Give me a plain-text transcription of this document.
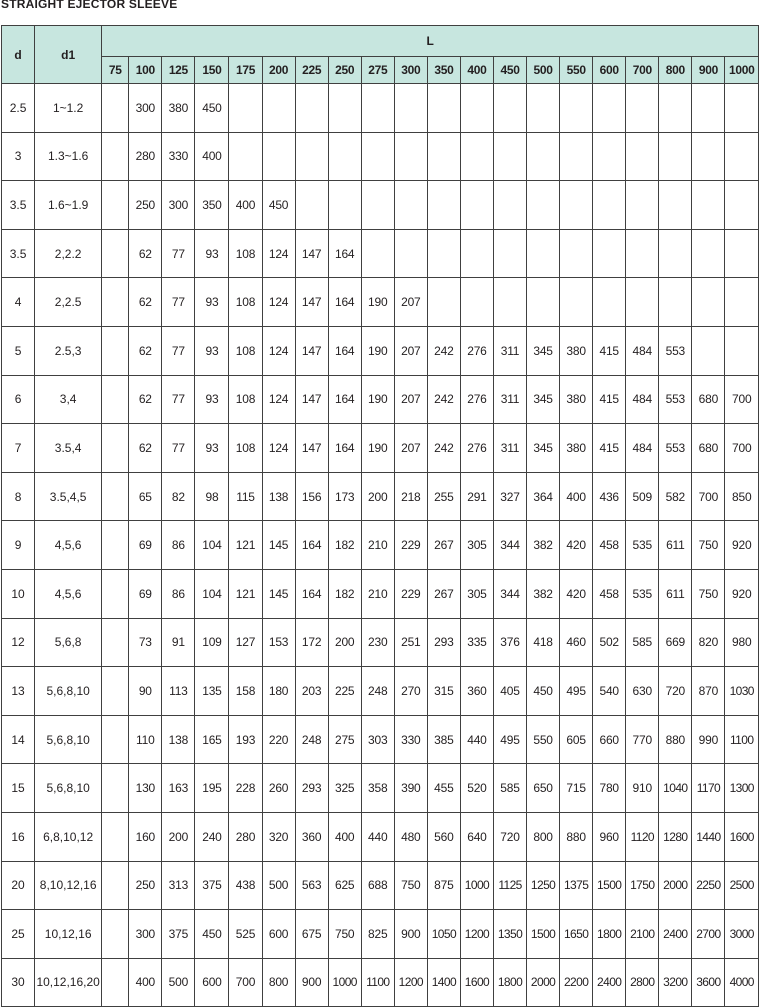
STRAIGHT EJECTOR SLEEVE
d	d1	L																			
		75	100	125	150	175	200	225	250	275	300	350	400	450	500	550	600	700	800	900	1000
2.5	1~1.2		300	380	450																
3	1.3~1.6		280	330	400																
3.5	1.6~1.9		250	300	350	400	450														
3.5	2,2.2		62	77	93	108	124	147	164												
4	2,2.5		62	77	93	108	124	147	164	190	207										
5	2.5,3		62	77	93	108	124	147	164	190	207	242	276	311	345	380	415	484	553		
6	3,4		62	77	93	108	124	147	164	190	207	242	276	311	345	380	415	484	553	680	700
7	3.5,4		62	77	93	108	124	147	164	190	207	242	276	311	345	380	415	484	553	680	700
8	3.5,4,5		65	82	98	115	138	156	173	200	218	255	291	327	364	400	436	509	582	700	850
9	4,5,6		69	86	104	121	145	164	182	210	229	267	305	344	382	420	458	535	611	750	920
10	4,5,6		69	86	104	121	145	164	182	210	229	267	305	344	382	420	458	535	611	750	920
12	5,6,8		73	91	109	127	153	172	200	230	251	293	335	376	418	460	502	585	669	820	980
13	5,6,8,10		90	113	135	158	180	203	225	248	270	315	360	405	450	495	540	630	720	870	1030
14	5,6,8,10		110	138	165	193	220	248	275	303	330	385	440	495	550	605	660	770	880	990	1100
15	5,6,8,10		130	163	195	228	260	293	325	358	390	455	520	585	650	715	780	910	1040	1170	1300
16	6,8,10,12		160	200	240	280	320	360	400	440	480	560	640	720	800	880	960	1120	1280	1440	1600
20	8,10,12,16		250	313	375	438	500	563	625	688	750	875	1000	1125	1250	1375	1500	1750	2000	2250	2500
25	10,12,16		300	375	450	525	600	675	750	825	900	1050	1200	1350	1500	1650	1800	2100	2400	2700	3000
30	10,12,16,20		400	500	600	700	800	900	1000	1100	1200	1400	1600	1800	2000	2200	2400	2800	3200	3600	4000
